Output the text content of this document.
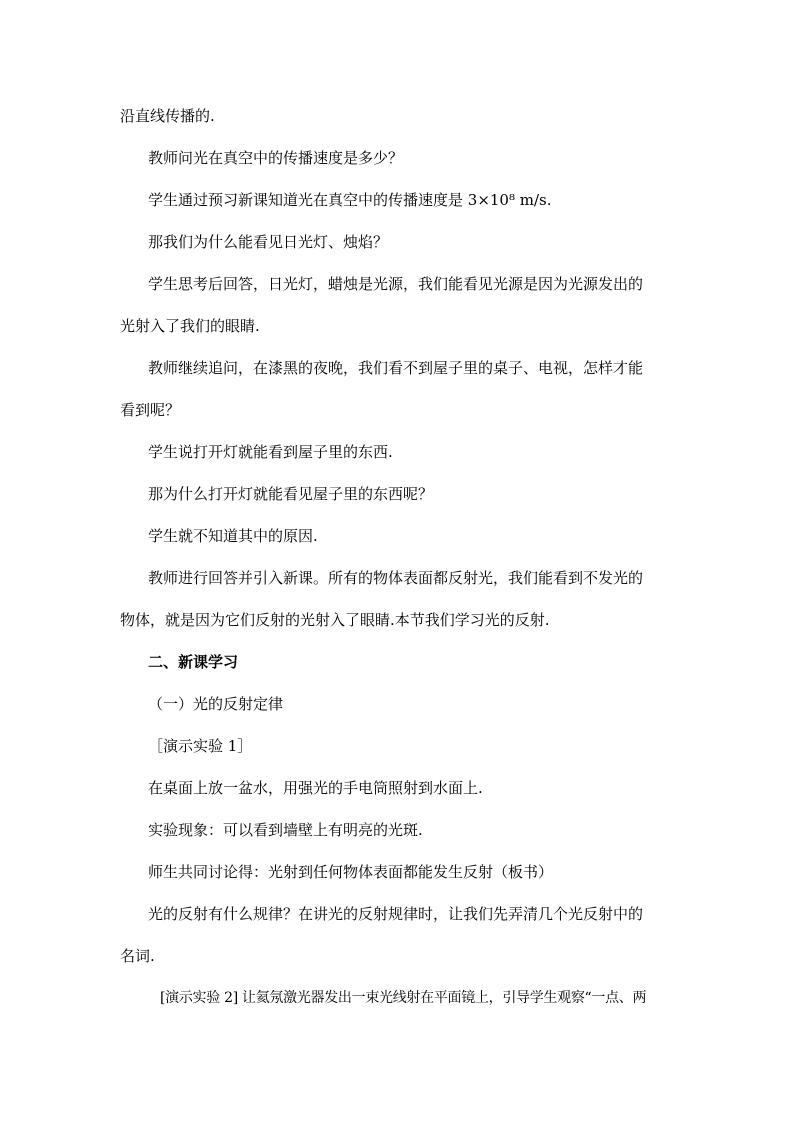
沿直线传播的.

教师问光在真空中的传播速度是多少？

学生通过预习新课知道光在真空中的传播速度是 3×10⁸ m/s.

那我们为什么能看见日光灯、烛焰？

学生思考后回答，日光灯，蜡烛是光源，我们能看见光源是因为光源发出的

光射入了我们的眼睛.

教师继续追问，在漆黑的夜晚，我们看不到屋子里的桌子、电视，怎样才能

看到呢？

学生说打开灯就能看到屋子里的东西.

那为什么打开灯就能看见屋子里的东西呢？

学生就不知道其中的原因.

教师进行回答并引入新课。所有的物体表面都反射光，我们能看到不发光的

物体，就是因为它们反射的光射入了眼睛.本节我们学习光的反射.

二、新课学习

（一）光的反射定律

［演示实验 1］

在桌面上放一盆水，用强光的手电筒照射到水面上.

实验现象：可以看到墙壁上有明亮的光斑.

师生共同讨论得：光射到任何物体表面都能发生反射（板书）

光的反射有什么规律？在讲光的反射规律时，让我们先弄清几个光反射中的

名词.

[演示实验 2] 让氦氖激光器发出一束光线射在平面镜上，引导学生观察“一点、两
